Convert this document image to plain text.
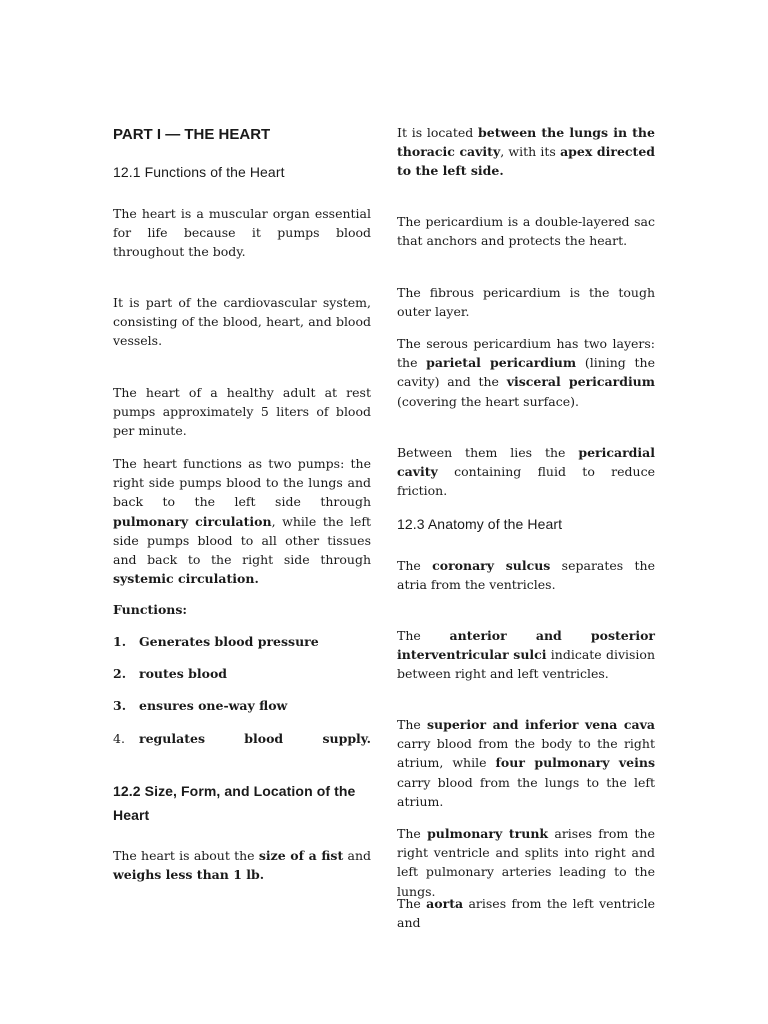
PART I — THE HEART
12.1 Functions of the Heart

The heart is a muscular organ essential for life because it pumps blood throughout the body.

It is part of the cardiovascular system, consisting of the blood, heart, and blood vessels.

The heart of a healthy adult at rest pumps approximately 5 liters of blood per minute.

The heart functions as two pumps: the right side pumps blood to the lungs and back to the left side through pulmonary circulation, while the left side pumps blood to all other tissues and back to the right side through systemic circulation.

Functions:
1.	Generates blood pressure
2.	routes blood
3.	ensures one-way flow
4.	regulates	blood	supply.
12.2 Size, Form, and Location of the Heart

The heart is about the size of a fist and weighs less than 1 lb.

It is located between the lungs in the thoracic cavity, with its apex directed to the left side.

The pericardium is a double-layered sac that anchors and protects the heart.

The fibrous pericardium is the tough outer layer.

The serous pericardium has two layers: the parietal pericardium (lining the cavity) and the visceral pericardium (covering the heart surface).

Between them lies the pericardial cavity containing fluid to reduce friction.

12.3 Anatomy of the Heart

The coronary sulcus separates the atria from the ventricles.

The anterior and posterior interventricular sulci indicate division between right and left ventricles.

The superior and inferior vena cava carry blood from the body to the right atrium, while four pulmonary veins carry blood from the lungs to the left atrium.

The pulmonary trunk arises from the right ventricle and splits into right and left pulmonary arteries leading to the lungs.

The aorta arises from the left ventricle and
